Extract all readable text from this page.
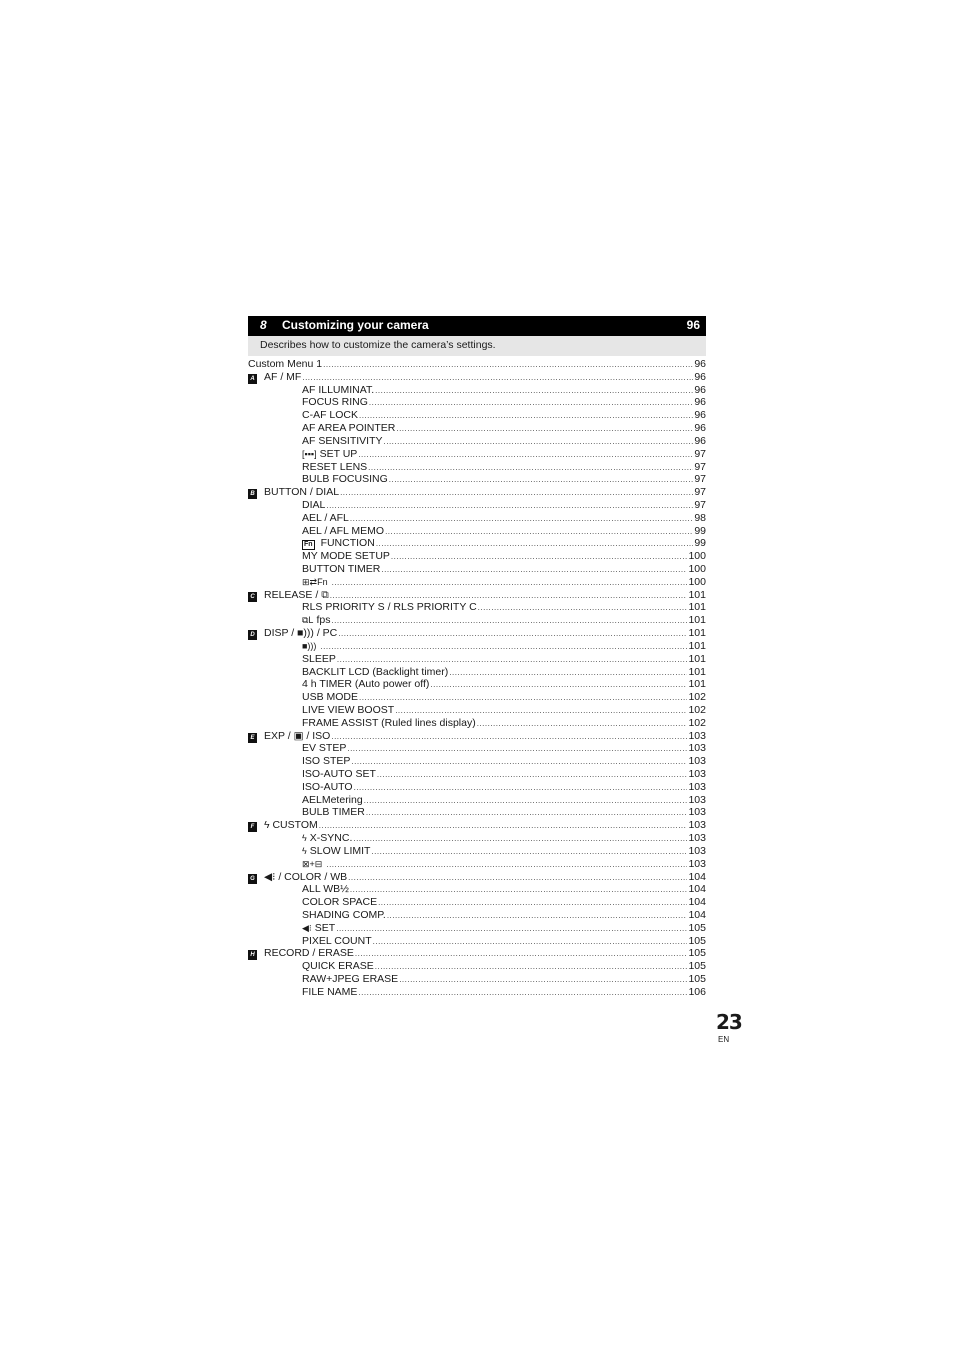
8 Customizing your camera	96
Describes how to customize the camera’s settings.
Custom Menu 1 .....	96
A AF / MF .....	96
AF ILLUMINAT. .....	96
FOCUS RING .....	96
C-AF LOCK .....	96
AF AREA POINTER .....	96
AF SENSITIVITY .....	96
[▪▪▪] SET UP .....	97
RESET LENS .....	97
BULB FOCUSING .....	97
B BUTTON / DIAL .....	97
DIAL .....	97
AEL / AFL .....	98
AEL / AFL MEMO .....	99
Fn FUNCTION .....	99
MY MODE SETUP .....	100
BUTTON TIMER .....	100
⊞⇄Fn .....	100
C RELEASE / ⧉ .....	101
RLS PRIORITY S / RLS PRIORITY C .....	101
⧉L fps .....	101
D DISP / ■))) / PC .....	101
■))) .....	101
SLEEP .....	101
BACKLIT LCD (Backlight timer) .....	101
4 h TIMER (Auto power off) .....	101
USB MODE .....	102
LIVE VIEW BOOST .....	102
FRAME ASSIST (Ruled lines display) .....	102
E EXP / ▣ / ISO .....	103
EV STEP .....	103
ISO STEP .....	103
ISO-AUTO SET .....	103
ISO-AUTO .....	103
AELMetering .....	103
BULB TIMER .....	103
F ϟ CUSTOM .....	103
ϟ X-SYNC. .....	103
ϟ SLOW LIMIT .....	103
⊠+⊟ .....	103
G ◀⁝ / COLOR / WB .....	104
ALL WB½ .....	104
COLOR SPACE .....	104
SHADING COMP. .....	104
◀⁝ SET .....	105
PIXEL COUNT .....	105
H RECORD / ERASE .....	105
QUICK ERASE .....	105
RAW+JPEG ERASE .....	105
FILE NAME .....	106
23
EN
